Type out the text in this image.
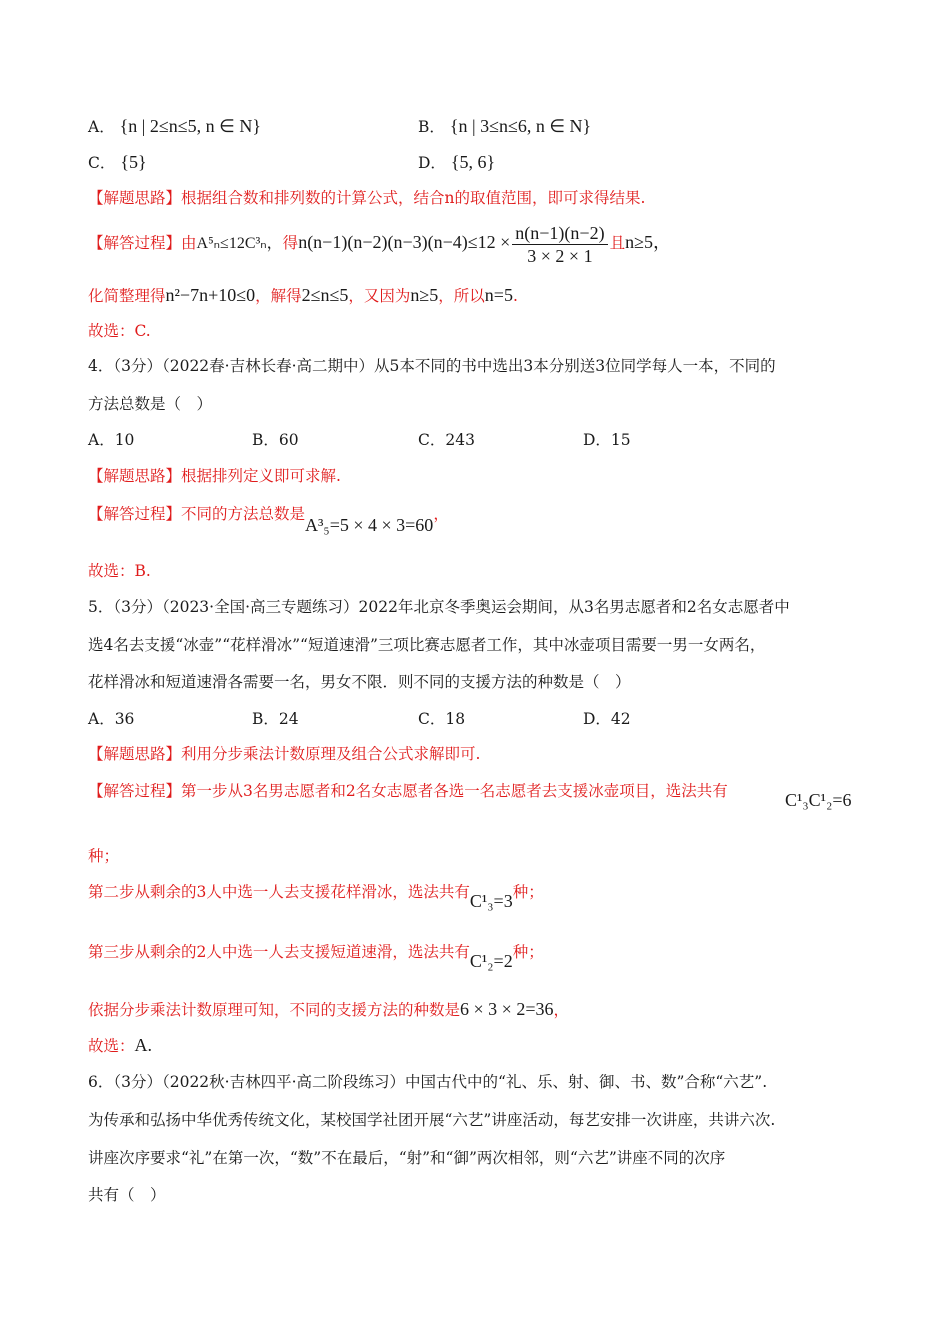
A． {n | 2≤n≤5, n ∈ N}	B． {n | 3≤n≤6, n ∈ N}
C． {5}	D． {5, 6}
【解题思路】根据组合数和排列数的计算公式，结合n的取值范围，即可求得结果.
【解答过程】由A⁵ₙ≤12C³ₙ，得$n(n-1)(n-2)(n-3)(n-4)\le 12 \times \frac{n(n-1)(n-2)}{3 \times 2 \times 1}$ 且n≥5，
化简整理得n²−7n+10≤0，解得2≤n≤5，又因为n≥5，所以n=5.
故选：C.
4．（3分）（2022春·吉林长春·高二期中）从5本不同的书中选出3本分别送3位同学每人一本，不同的
方法总数是（　）
A．10	B．60	C．243	D．15
【解题思路】根据排列定义即可求解.
【解答过程】不同的方法总数是A³₅=5 × 4 × 3=60，
故选：B.
5．（3分）（2023·全国·高三专题练习）2022年北京冬季奥运会期间，从3名男志愿者和2名女志愿者中
选4名去支援“冰壶”“花样滑冰”“短道速滑”三项比赛志愿者工作，其中冰壶项目需要一男一女两名，
花样滑冰和短道速滑各需要一名，男女不限．则不同的支援方法的种数是（　）
A．36	B．24	C．18	D．42
【解题思路】利用分步乘法计数原理及组合公式求解即可.
【解答过程】第一步从3名男志愿者和2名女志愿者各选一名志愿者去支援冰壶项目，选法共有	C¹₃C¹₂=6
种；
第二步从剩余的3人中选一人去支援花样滑冰，选法共有C¹₃=3种；
第三步从剩余的2人中选一人去支援短道速滑，选法共有C¹₂=2种；
依据分步乘法计数原理可知，不同的支援方法的种数是6 × 3 × 2=36，
故选：A.
6．（3分）（2022秋·吉林四平·高二阶段练习）中国古代中的“礼、乐、射、御、书、数”合称“六艺”.
为传承和弘扬中华优秀传统文化，某校国学社团开展“六艺”讲座活动，每艺安排一次讲座，共讲六次.
讲座次序要求“礼”在第一次，“数”不在最后，“射”和“御”两次相邻，则“六艺”讲座不同的次序
共有（　）
